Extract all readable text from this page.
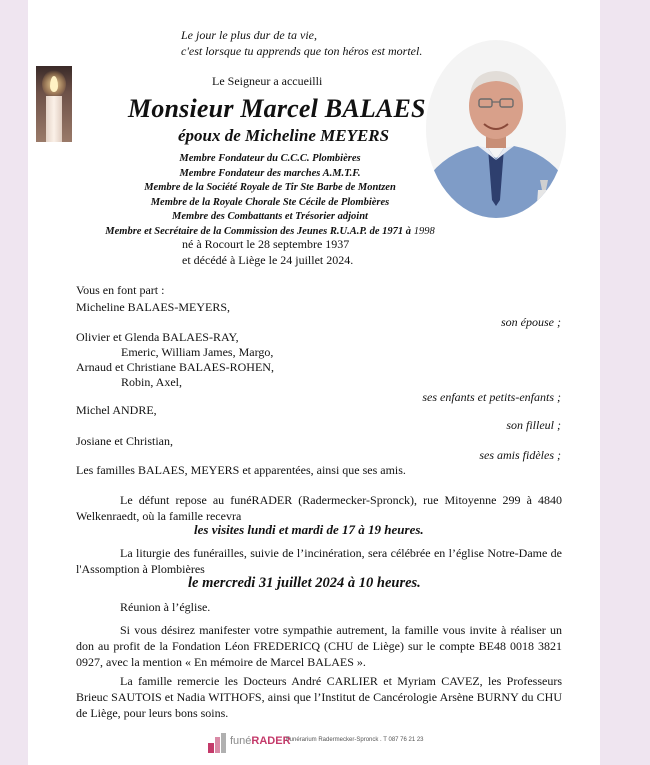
Le jour le plus dur de ta vie,
c'est lorsque tu apprends que ton héros est mortel.
Le Seigneur a accueilli
Monsieur Marcel BALAES
époux de Micheline MEYERS
Membre Fondateur du C.C.C. Plombières
Membre Fondateur des marches A.M.T.F.
Membre de la Société Royale de Tir Ste Barbe de Montzen
Membre de la Royale Chorale Ste Cécile de Plombières
Membre des Combattants et Trésorier adjoint
Membre et Secrétaire de la Commission des Jeunes R.U.A.P. de 1971 à 1998
né à Rocourt le 28 septembre 1937
et décédé à Liège le 24 juillet 2024.
Vous en font part :
Micheline BALAES-MEYERS,
son épouse ;
Olivier et Glenda BALAES-RAY,
Emeric, William James, Margo,
Arnaud et Christiane BALAES-ROHEN,
Robin, Axel,
ses enfants et petits-enfants ;
Michel ANDRE,
son filleul ;
Josiane et Christian,
ses amis fidèles ;
Les familles BALAES, MEYERS et apparentées, ainsi que ses amis.
Le défunt repose au funéRADER (Radermecker-Spronck), rue Mitoyenne 299 à 4840 Welkenraedt, où la famille recevra
les visites lundi et mardi de 17 à 19 heures.
La liturgie des funérailles, suivie de l’incinération, sera célébrée en l’église Notre-Dame de l'Assomption à Plombières
le mercredi 31 juillet 2024 à 10 heures.
Réunion à l’église.
Si vous désirez manifester votre sympathie autrement, la famille vous invite à réaliser un don au profit de la Fondation Léon FREDERICQ (CHU de Liège) sur le compte BE48 0018 3821 0927, avec la mention « En mémoire de Marcel BALAES ».
La famille remercie les Docteurs André CARLIER et Myriam CAVEZ, les Professeurs Brieuc SAUTOIS et Nadia WITHOFS, ainsi que l’Institut de Cancérologie Arsène BURNY du CHU de Liège, pour leurs bons soins.
funéRADER
Funérarium Radermecker-Spronck . T 087 76 21 23
